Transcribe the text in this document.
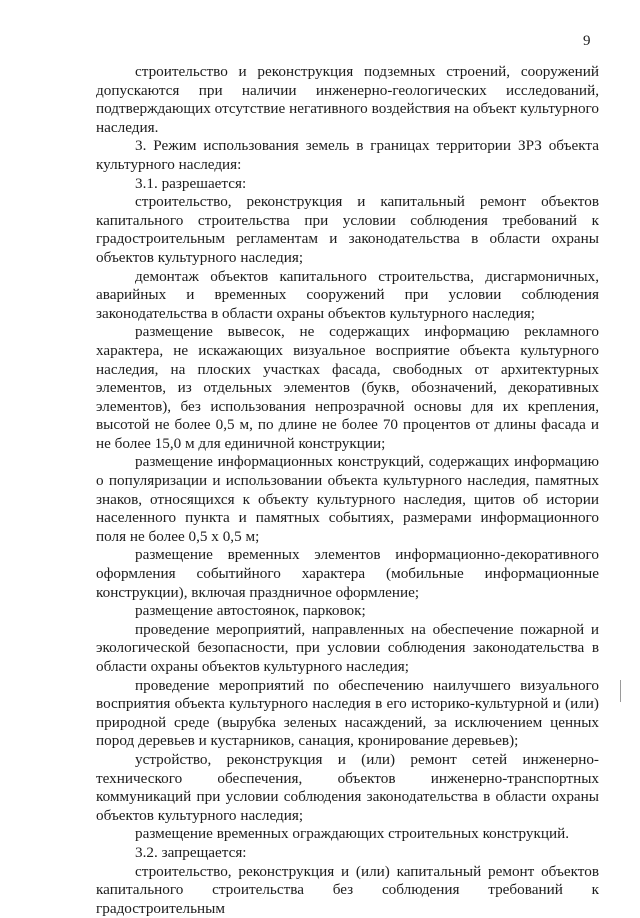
9

строительство и реконструкция подземных строений, сооружений допускаются при наличии инженерно-геологических исследований, подтверждающих отсутствие негативного воздействия на объект культурного наследия.

3. Режим использования земель в границах территории ЗРЗ объекта культурного наследия:

3.1. разрешается:

строительство, реконструкция и капитальный ремонт объектов капитального строительства при условии соблюдения требований к градостроительным регламентам и законодательства в области охраны объектов культурного наследия;

демонтаж объектов капитального строительства, дисгармоничных, аварийных и временных сооружений при условии соблюдения законодательства в области охраны объектов культурного наследия;

размещение вывесок, не содержащих информацию рекламного характера, не искажающих визуальное восприятие объекта культурного наследия, на плоских участках фасада, свободных от архитектурных элементов, из отдельных элементов (букв, обозначений, декоративных элементов), без использования непрозрачной основы для их крепления, высотой не более 0,5 м, по длине не более 70 процентов от длины фасада и не более 15,0 м для единичной конструкции;

размещение информационных конструкций, содержащих информацию о популяризации и использовании объекта культурного наследия, памятных знаков, относящихся к объекту культурного наследия, щитов об истории населенного пункта и памятных событиях, размерами информационного поля не более 0,5 х 0,5 м;

размещение временных элементов информационно-декоративного оформления событийного характера (мобильные информационные конструкции), включая праздничное оформление;

размещение автостоянок, парковок;

проведение мероприятий, направленных на обеспечение пожарной и экологической безопасности, при условии соблюдения законодательства в области охраны объектов культурного наследия;

проведение мероприятий по обеспечению наилучшего визуального восприятия объекта культурного наследия в его историко-культурной и (или) природной среде (вырубка зеленых насаждений, за исключением ценных пород деревьев и кустарников, санация, кронирование деревьев);

устройство, реконструкция и (или) ремонт сетей инженерно-технического обеспечения, объектов инженерно-транспортных коммуникаций при условии соблюдения законодательства в области охраны объектов культурного наследия;

размещение временных ограждающих строительных конструкций.

3.2. запрещается:

строительство, реконструкция и (или) капитальный ремонт объектов капитального строительства без соблюдения требований к градостроительным
